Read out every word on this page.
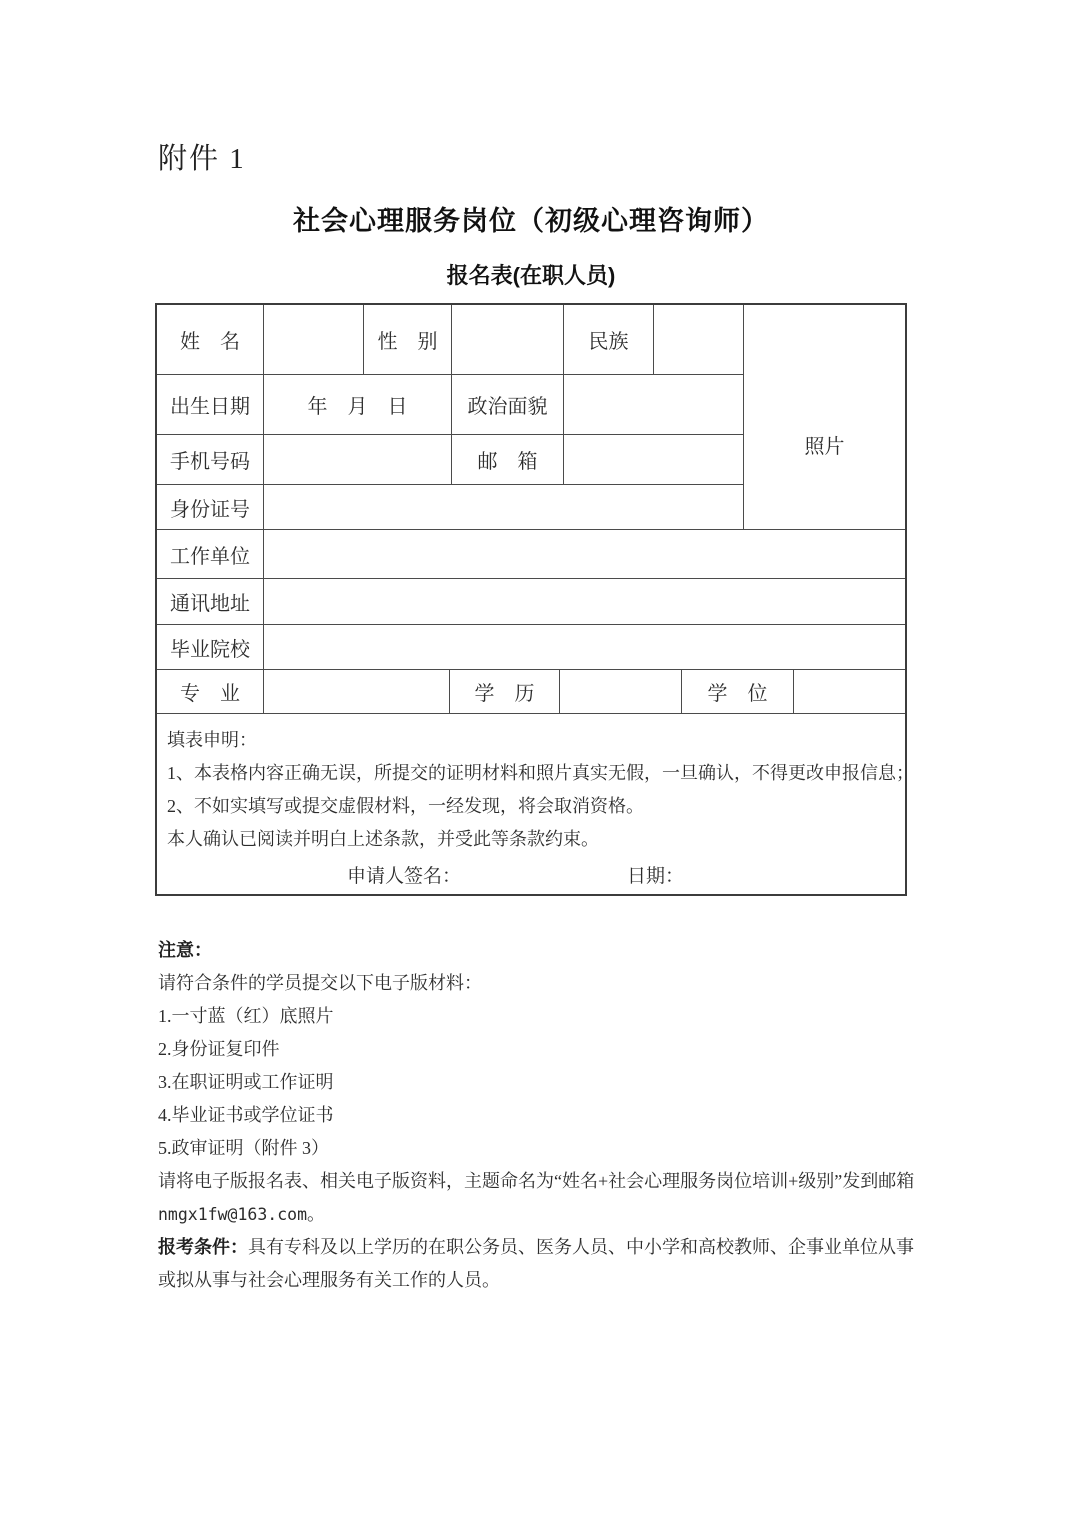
附件 1
社会心理服务岗位（初级心理咨询师）
报名表(在职人员)
姓　名	性　别	民族
照片
出生日期	年　月　日	政治面貌
手机号码	邮　箱
身份证号
工作单位
通讯地址
毕业院校
专　业	学　历	学　位
填表申明：
1、本表格内容正确无误，所提交的证明材料和照片真实无假，一旦确认，不得更改申报信息；
2、不如实填写或提交虚假材料，一经发现，将会取消资格。
本人确认已阅读并明白上述条款，并受此等条款约束。
申请人签名：	日期：
注意：
请符合条件的学员提交以下电子版材料：
1.一寸蓝（红）底照片
2.身份证复印件
3.在职证明或工作证明
4.毕业证书或学位证书
5.政审证明（附件 3）

请将电子版报名表、相关电子版资料，主题命名为“姓名+社会心理服务岗位培训+级别”发到邮箱 nmgx1fw@163.com。

报考条件：具有专科及以上学历的在职公务员、医务人员、中小学和高校教师、企事业单位从事或拟从事与社会心理服务有关工作的人员。
